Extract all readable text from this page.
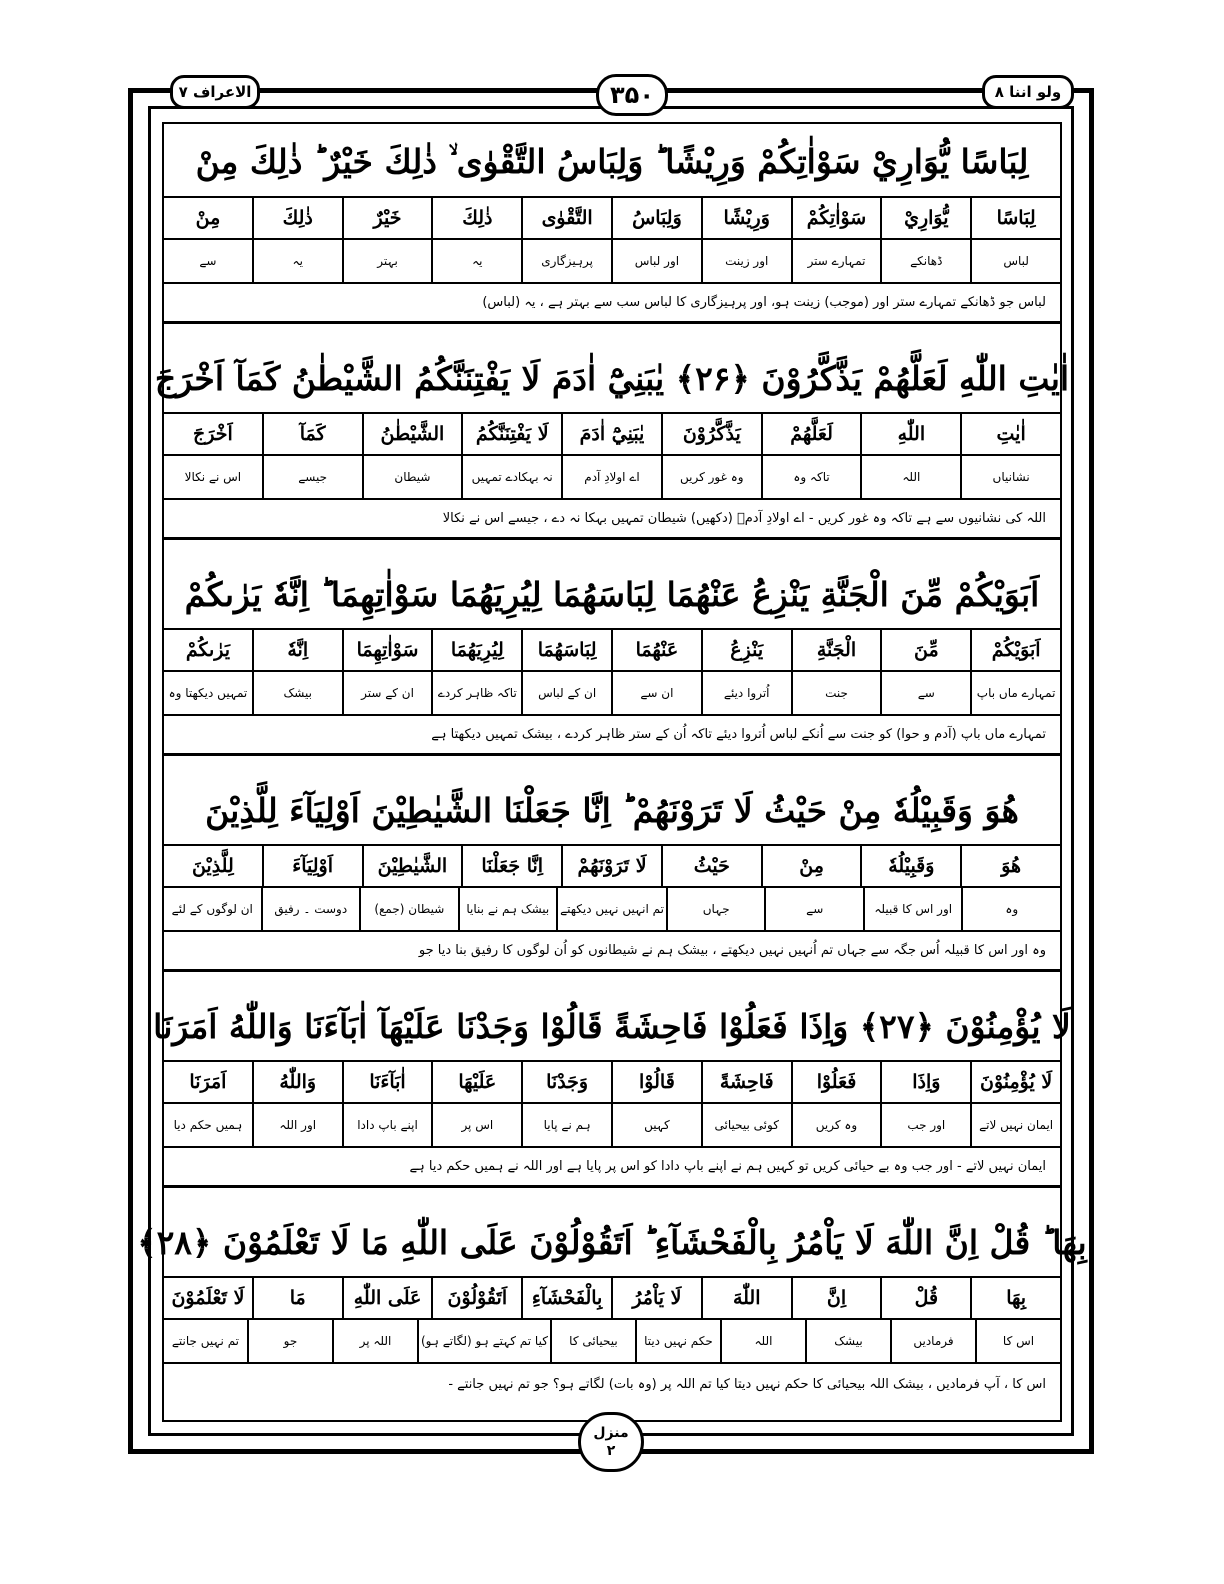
الاعراف ۷	۳۵۰	ولو اننا ۸
لِبَاسًا يُّوَارِيْ سَوْاٰتِكُمْ وَرِيْشًا ؕ وَلِبَاسُ التَّقْوٰى ۙ ذٰلِكَ خَيْرٌ ؕ ذٰلِكَ مِنْ
لِبَاسًا
يُّوَارِيْ
سَوْاٰتِكُمْ
وَرِيْشًا
وَلِبَاسُ
التَّقْوٰى
ذٰلِكَ
خَيْرٌ
ذٰلِكَ
مِنْ
لباس
ڈھانکے
تمہارے ستر
اور زینت
اور لباس
پرہیزگاری
یہ
بہتر
یہ
سے
لباس جو ڈھانکے تمہارے ستر اور (موجب) زینت ہو، اور پرہیزگاری کا لباس سب سے بہتر ہے ، یہ (لباس)
اٰيٰتِ اللّٰهِ لَعَلَّهُمْ يَذَّكَّرُوْنَ ﴿۲۶﴾ يٰبَنِيْٓ اٰدَمَ لَا يَفْتِنَنَّكُمُ الشَّيْطٰنُ كَمَآ اَخْرَجَ
اٰيٰتِ
اللّٰهِ
لَعَلَّهُمْ
يَذَّكَّرُوْنَ
يٰبَنِيْٓ اٰدَمَ
لَا يَفْتِنَنَّكُمُ
الشَّيْطٰنُ
كَمَآ
اَخْرَجَ
نشانیاں
اللہ
تاکہ وہ
وہ غور کریں
اے اولادِ آدم
نہ بہکادے تمہیں
شیطان
جیسے
اس نے نکالا
اللہ کی نشانیوں سے ہے تاکہ وہ غور کریں - اے اولادِ آدمؑ (دکھیں) شیطان تمہیں بہکا نہ دے ، جیسے اس نے نکالا
اَبَوَيْكُمْ مِّنَ الْجَنَّةِ يَنْزِعُ عَنْهُمَا لِبَاسَهُمَا لِيُرِيَهُمَا سَوْاٰتِهِمَا ؕ اِنَّهٗ يَرٰىكُمْ
اَبَوَيْكُمْ
مِّنَ
الْجَنَّةِ
يَنْزِعُ
عَنْهُمَا
لِبَاسَهُمَا
لِيُرِيَهُمَا
سَوْاٰتِهِمَا
اِنَّهٗ
يَرٰىكُمْ
تمہارے ماں باپ
سے
جنت
اُتروا دیئے
ان سے
ان کے لباس
تاکہ ظاہر کردے
ان کے ستر
بیشک
تمہیں دیکھتا وہ
تمہارے ماں باپ (آدم و حوا) کو جنت سے اُنکے لباس اُتروا دیئے تاکہ اُن کے ستر ظاہر کردے ، بیشک تمہیں دیکھتا ہے
هُوَ وَقَبِيْلُهٗ مِنْ حَيْثُ لَا تَرَوْنَهُمْ ؕ اِنَّا جَعَلْنَا الشَّيٰطِيْنَ اَوْلِيَآءَ لِلَّذِيْنَ
هُوَ
وَقَبِيْلُهٗ
مِنْ
حَيْثُ
لَا تَرَوْنَهُمْ
اِنَّا جَعَلْنَا
الشَّيٰطِيْنَ
اَوْلِيَآءَ
لِلَّذِيْنَ
وہ
اور اس کا قبیلہ
سے
جہاں
تم انہیں نہیں دیکھتے
بیشک ہم نے بنایا
شیطان (جمع)
دوست ۔ رفیق
ان لوگوں کے لئے
وہ اور اس کا قبیلہ اُس جگہ سے جہاں تم اُنہیں نہیں دیکھتے ، بیشک ہم نے شیطانوں کو اُن لوگوں کا رفیق بنا دیا جو
لَا يُؤْمِنُوْنَ ﴿۲۷﴾ وَاِذَا فَعَلُوْا فَاحِشَةً قَالُوْا وَجَدْنَا عَلَيْهَآ اٰبَآءَنَا وَاللّٰهُ اَمَرَنَا
لَا يُؤْمِنُوْنَ
وَاِذَا
فَعَلُوْا
فَاحِشَةً
قَالُوْا
وَجَدْنَا
عَلَيْهَا
اٰبَآءَنَا
وَاللّٰهُ
اَمَرَنَا
ایمان نہیں لاتے
اور جب
وہ کریں
کوئی بیحیائی
کہیں
ہم نے پایا
اس پر
اپنے باپ دادا
اور اللہ
ہمیں حکم دیا
ایمان نہیں لاتے - اور جب وہ بے حیائی کریں تو کہیں ہم نے اپنے باپ دادا کو اس پر پایا ہے اور اللہ نے ہمیں حکم دیا ہے
بِهَا ؕ قُلْ اِنَّ اللّٰهَ لَا يَاْمُرُ بِالْفَحْشَآءِ ؕ اَتَقُوْلُوْنَ عَلَى اللّٰهِ مَا لَا تَعْلَمُوْنَ ﴿۲۸﴾
بِهَا
قُلْ
اِنَّ
اللّٰهَ
لَا يَاْمُرُ
بِالْفَحْشَآءِ
اَتَقُوْلُوْنَ
عَلَى اللّٰهِ
مَا
لَا تَعْلَمُوْنَ
اس کا
فرمادیں
بیشک
اللہ
حکم نہیں دیتا
بیحیائی کا
کیا تم کہتے ہو (لگاتے ہو)
اللہ پر
جو
تم نہیں جانتے
اس کا ، آپ فرمادیں ، بیشک اللہ بیحیائی کا حکم نہیں دیتا کیا تم اللہ پر (وہ بات) لگاتے ہو؟ جو تم نہیں جانتے -
منزل
۲
